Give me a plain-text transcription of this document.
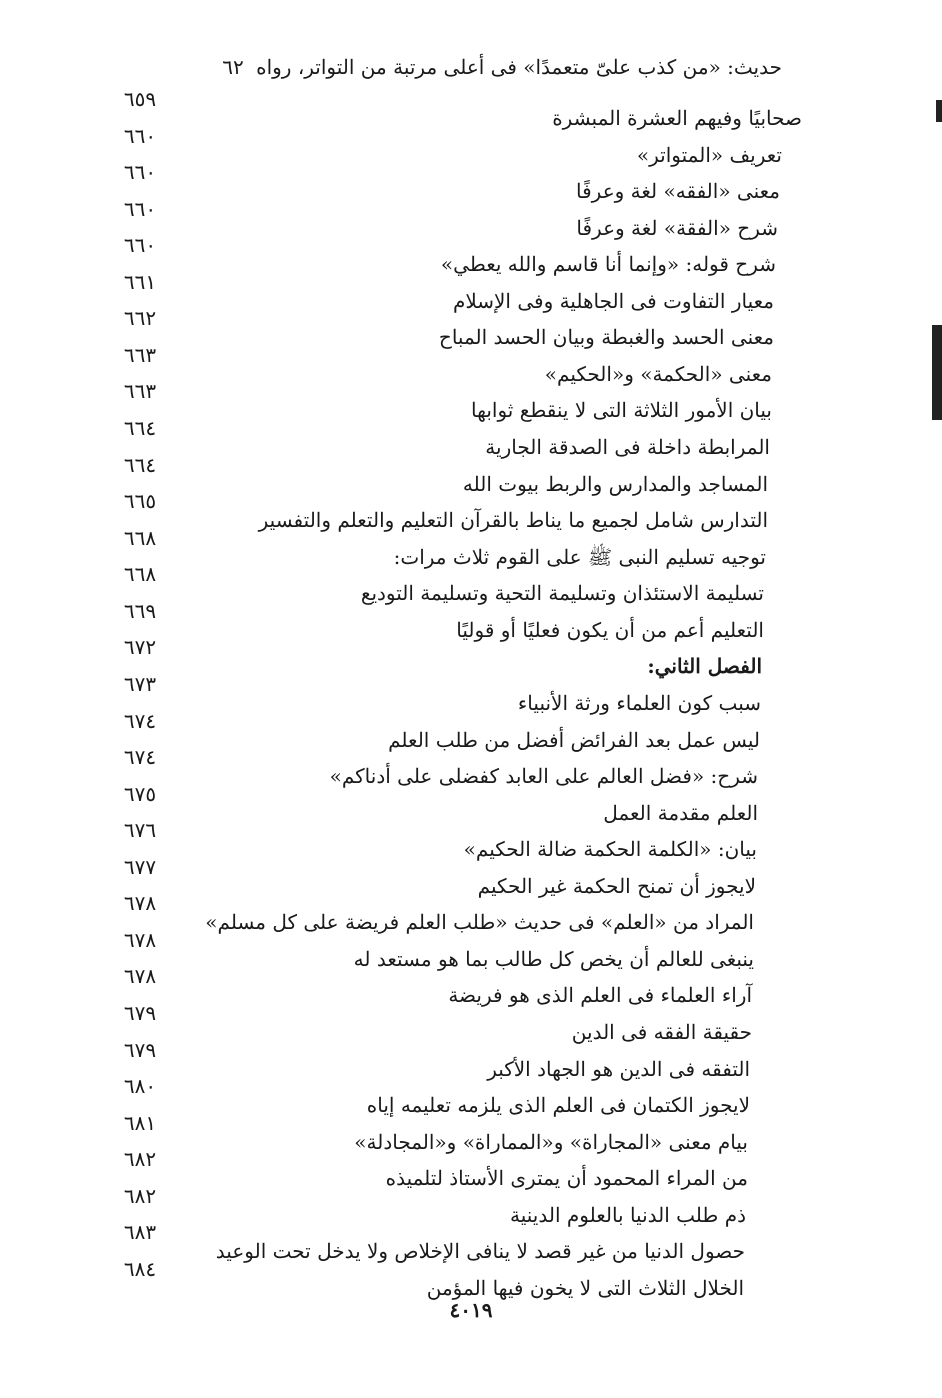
حديث: «من كذب علىّ متعمدًا» فى أعلى مرتبة من التواتر، رواه ٦٢
صحابيًا وفيهم العشرة المبشرة
٦٥٩
تعريف «المتواتر»
٦٦٠
معنى «الفقه» لغة وعرفًا
٦٦٠
شرح «الفقة» لغة وعرفًا
٦٦٠
شرح قوله: «وإنما أنا قاسم والله يعطي»
٦٦٠
معيار التفاوت فى الجاهلية وفى الإسلام
٦٦١
معنى الحسد والغبطة وبيان الحسد المباح
٦٦٢
معنى «الحكمة» و«الحكيم»
٦٦٣
بيان الأمور الثلاثة التى لا ينقطع ثوابها
٦٦٣
المرابطة داخلة فى الصدقة الجارية
٦٦٤
المساجد والمدارس والربط بيوت الله
٦٦٤
التدارس شامل لجميع ما يناط بالقرآن التعليم والتعلم والتفسير
٦٦٥
توجيه تسليم النبى ﷺ على القوم ثلاث مرات:
٦٦٨
تسليمة الاستئذان وتسليمة التحية وتسليمة التوديع
٦٦٨
التعليم أعم من أن يكون فعليًا أو قوليًا
٦٦٩
الفصل الثاني:
٦٧٢
سبب كون العلماء ورثة الأنبياء
٦٧٣
ليس عمل بعد الفرائض أفضل من طلب العلم
٦٧٤
شرح: «فضل العالم على العابد كفضلى على أدناكم»
٦٧٤
العلم مقدمة العمل
٦٧٥
بيان: «الكلمة الحكمة ضالة الحكيم»
٦٧٦
لايجوز أن تمنح الحكمة غير الحكيم
٦٧٧
المراد من «العلم» فى حديث «طلب العلم فريضة على كل مسلم»
٦٧٨
ينبغى للعالم أن يخص كل طالب بما هو مستعد له
٦٧٨
آراء العلماء فى العلم الذى هو فريضة
٦٧٨
حقيقة الفقه فى الدين
٦٧٩
التفقه فى الدين هو الجهاد الأكبر
٦٧٩
لايجوز الكتمان فى العلم الذى يلزمه تعليمه إياه
٦٨٠
بيام معنى «المجاراة» و«المماراة» و«المجادلة»
٦٨١
من المراء المحمود أن يمترى الأستاذ لتلميذه
٦٨٢
ذم طلب الدنيا بالعلوم الدينية
٦٨٢
حصول الدنيا من غير قصد لا ينافى الإخلاص ولا يدخل تحت الوعيد
٦٨٣
الخلال الثلاث التى لا يخون فيها المؤمن
٦٨٤
٤٠١٩
